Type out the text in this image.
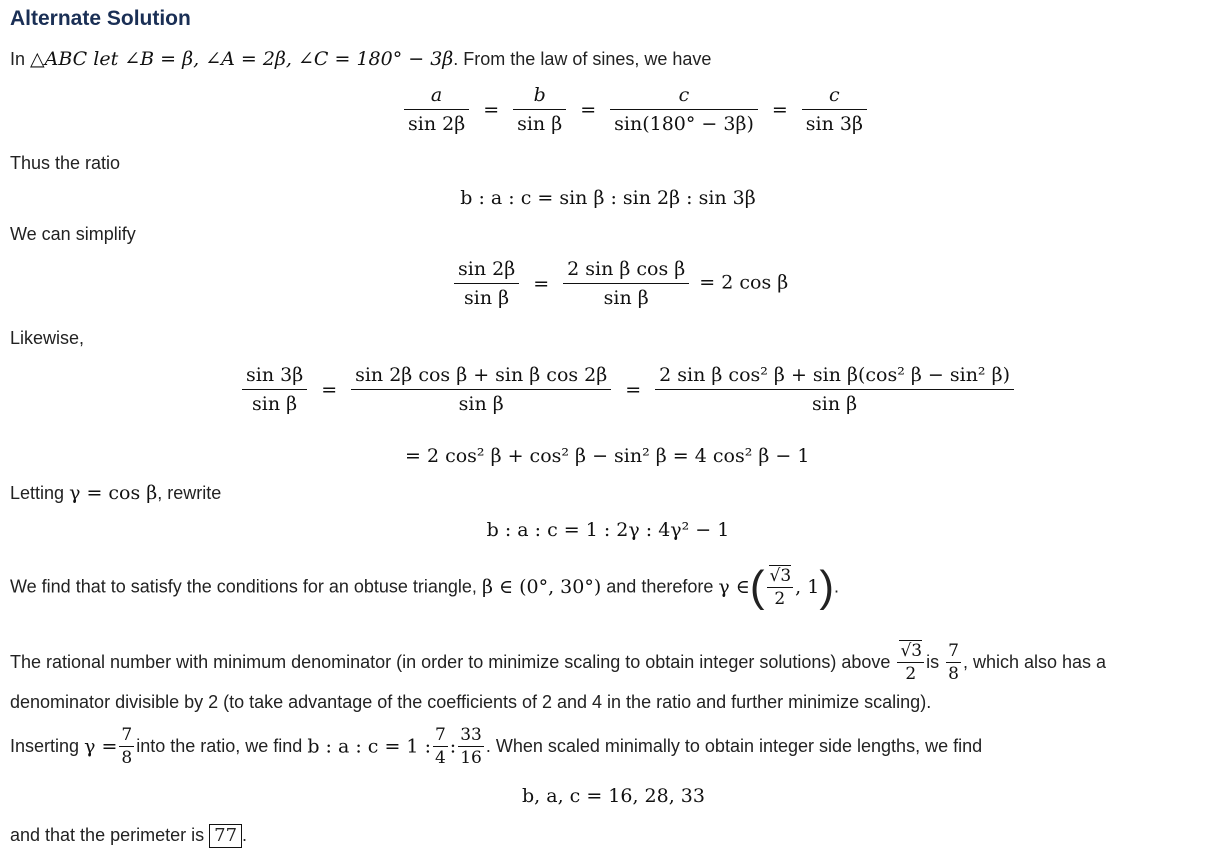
Alternate Solution
In △ABC let ∠B = β, ∠A = 2β, ∠C = 180° − 3β. From the law of sines, we have
$\frac{a}{\sin 2\beta} = \frac{b}{\text{sin β}} = \frac{c}{\sin(180^\circ - 3\beta)} = \frac{c}{\sin 3\beta}$
Thus the ratio
b : a : c = sin β : sin 2β : sin 3β
We can simplify
$\frac{\sin 2\beta}{\text{sin β}} = \frac{\text{2 sin β cos β}}{\text{sin β}} = 2$ cos β
Likewise,
$\frac{\sin 3\beta}{\text{sin β}} = \frac{\text{sin 2β cos β + sin β cos 2β}}{\text{sin β}} = \frac{\text{2 sin β cos² β + sin β(cos² β − sin² β)}}{\text{sin β}}$
= 2 cos² β + cos² β − sin² β = 4 cos² β − 1
Letting γ = cos β, rewrite
b : a : c = 1 : 2γ : 4γ² − 1
We find that to satisfy the conditions for an obtuse triangle, β ∈ (0°, 30°) and therefore γ ∈( $\frac{√3}{2}$ , 1).
The rational number with minimum denominator (in order to minimize scaling to obtain integer solutions) above $\frac{√3}{2}$ is $\frac{7}{8}$ , which also has a
denominator divisible by 2 (to take advantage of the coefficients of 2 and 4 in the ratio and further minimize scaling).
Inserting $\gamma = \frac{7}{8}$ into the ratio, we find b : a : c = 1 : $\frac{7}{4}$ : $\frac{33}{16}$ . When scaled minimally to obtain integer side lengths, we find
b, a, c = 16, 28, 33
and that the perimeter is 77 .
